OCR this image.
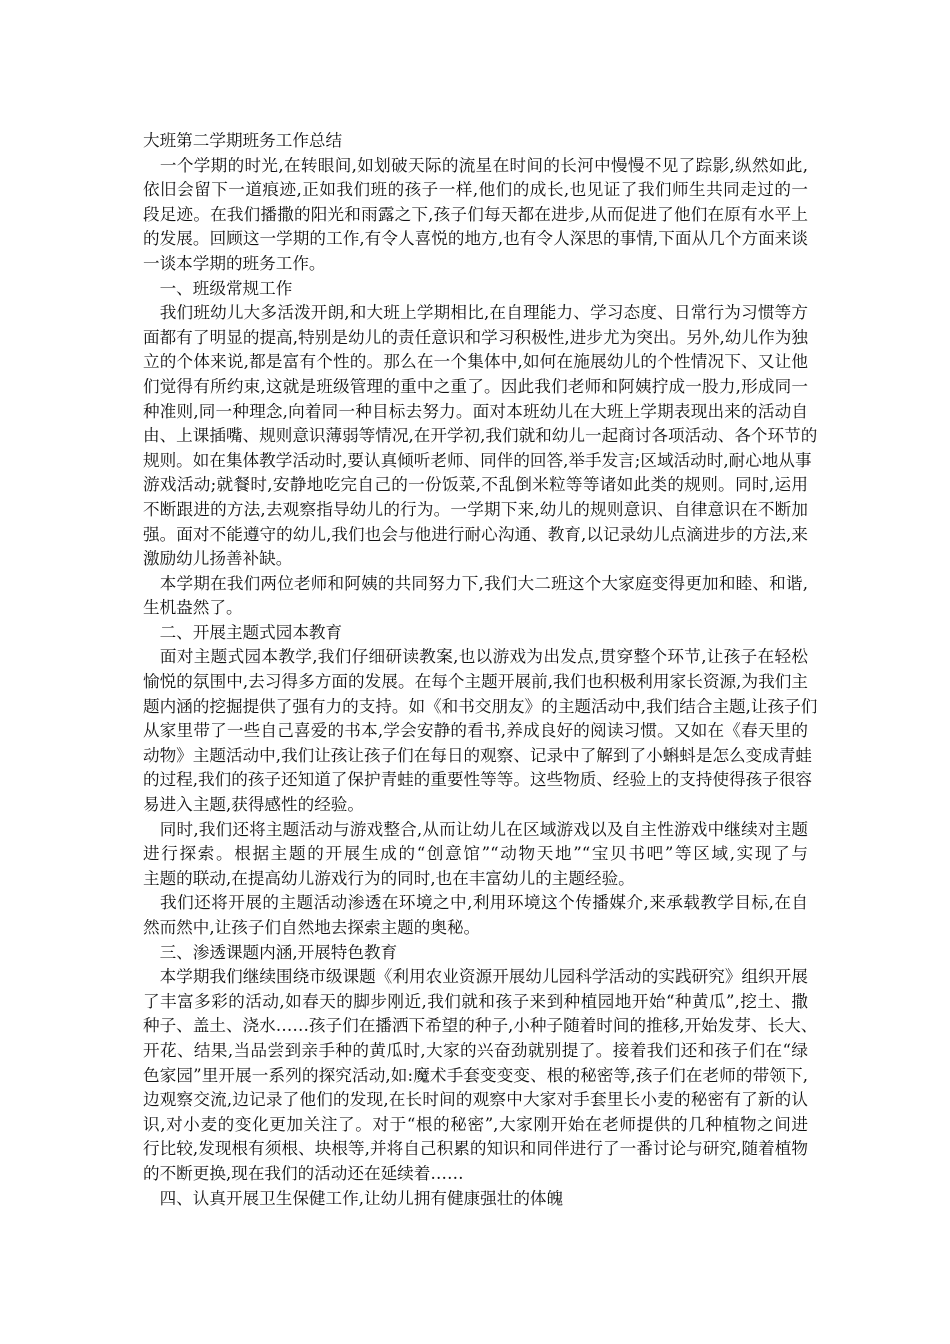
大班第二学期班务工作总结
　一个学期的时光,在转眼间,如划破天际的流星在时间的长河中慢慢不见了踪影,纵然如此,
依旧会留下一道痕迹,正如我们班的孩子一样,他们的成长,也见证了我们师生共同走过的一
段足迹。在我们播撒的阳光和雨露之下,孩子们每天都在进步,从而促进了他们在原有水平上
的发展。回顾这一学期的工作,有令人喜悦的地方,也有令人深思的事情,下面从几个方面来谈
一谈本学期的班务工作。
　一、班级常规工作
　我们班幼儿大多活泼开朗,和大班上学期相比,在自理能力、学习态度、日常行为习惯等方
面都有了明显的提高,特别是幼儿的责任意识和学习积极性,进步尤为突出。另外,幼儿作为独
立的个体来说,都是富有个性的。那么在一个集体中,如何在施展幼儿的个性情况下、又让他
们觉得有所约束,这就是班级管理的重中之重了。因此我们老师和阿姨拧成一股力,形成同一
种准则,同一种理念,向着同一种目标去努力。面对本班幼儿在大班上学期表现出来的活动自
由、上课插嘴、规则意识薄弱等情况,在开学初,我们就和幼儿一起商讨各项活动、各个环节的
规则。如在集体教学活动时,要认真倾听老师、同伴的回答,举手发言;区域活动时,耐心地从事
游戏活动;就餐时,安静地吃完自己的一份饭菜,不乱倒米粒等等诸如此类的规则。同时,运用
不断跟进的方法,去观察指导幼儿的行为。一学期下来,幼儿的规则意识、自律意识在不断加
强。面对不能遵守的幼儿,我们也会与他进行耐心沟通、教育,以记录幼儿点滴进步的方法,来
激励幼儿扬善补缺。
　本学期在我们两位老师和阿姨的共同努力下,我们大二班这个大家庭变得更加和睦、和谐,
生机盎然了。
　二、开展主题式园本教育
　面对主题式园本教学,我们仔细研读教案,也以游戏为出发点,贯穿整个环节,让孩子在轻松
愉悦的氛围中,去习得多方面的发展。在每个主题开展前,我们也积极利用家长资源,为我们主
题内涵的挖掘提供了强有力的支持。如《和书交朋友》的主题活动中,我们结合主题,让孩子们
从家里带了一些自己喜爱的书本,学会安静的看书,养成良好的阅读习惯。又如在《春天里的
动物》主题活动中,我们让孩让孩子们在每日的观察、记录中了解到了小蝌蚪是怎么变成青蛙
的过程,我们的孩子还知道了保护青蛙的重要性等等。这些物质、经验上的支持使得孩子很容
易进入主题,获得感性的经验。
　同时,我们还将主题活动与游戏整合,从而让幼儿在区域游戏以及自主性游戏中继续对主题
进行探索。根据主题的开展生成的“创意馆”“动物天地”“宝贝书吧”等区域,实现了与
主题的联动,在提高幼儿游戏行为的同时,也在丰富幼儿的主题经验。
　我们还将开展的主题活动渗透在环境之中,利用环境这个传播媒介,来承载教学目标,在自
然而然中,让孩子们自然地去探索主题的奥秘。
　三、渗透课题内涵,开展特色教育
　本学期我们继续围绕市级课题《利用农业资源开展幼儿园科学活动的实践研究》组织开展
了丰富多彩的活动,如春天的脚步刚近,我们就和孩子来到种植园地开始“种黄瓜”,挖土、撒
种子、盖土、浇水……孩子们在播洒下希望的种子,小种子随着时间的推移,开始发芽、长大、
开花、结果,当品尝到亲手种的黄瓜时,大家的兴奋劲就别提了。接着我们还和孩子们在“绿
色家园”里开展一系列的探究活动,如:魔术手套变变变、根的秘密等,孩子们在老师的带领下,
边观察交流,边记录了他们的发现,在长时间的观察中大家对手套里长小麦的秘密有了新的认
识,对小麦的变化更加关注了。对于“根的秘密”,大家刚开始在老师提供的几种植物之间进
行比较,发现根有须根、块根等,并将自己积累的知识和同伴进行了一番讨论与研究,随着植物
的不断更换,现在我们的活动还在延续着……
　四、认真开展卫生保健工作,让幼儿拥有健康强壮的体魄
